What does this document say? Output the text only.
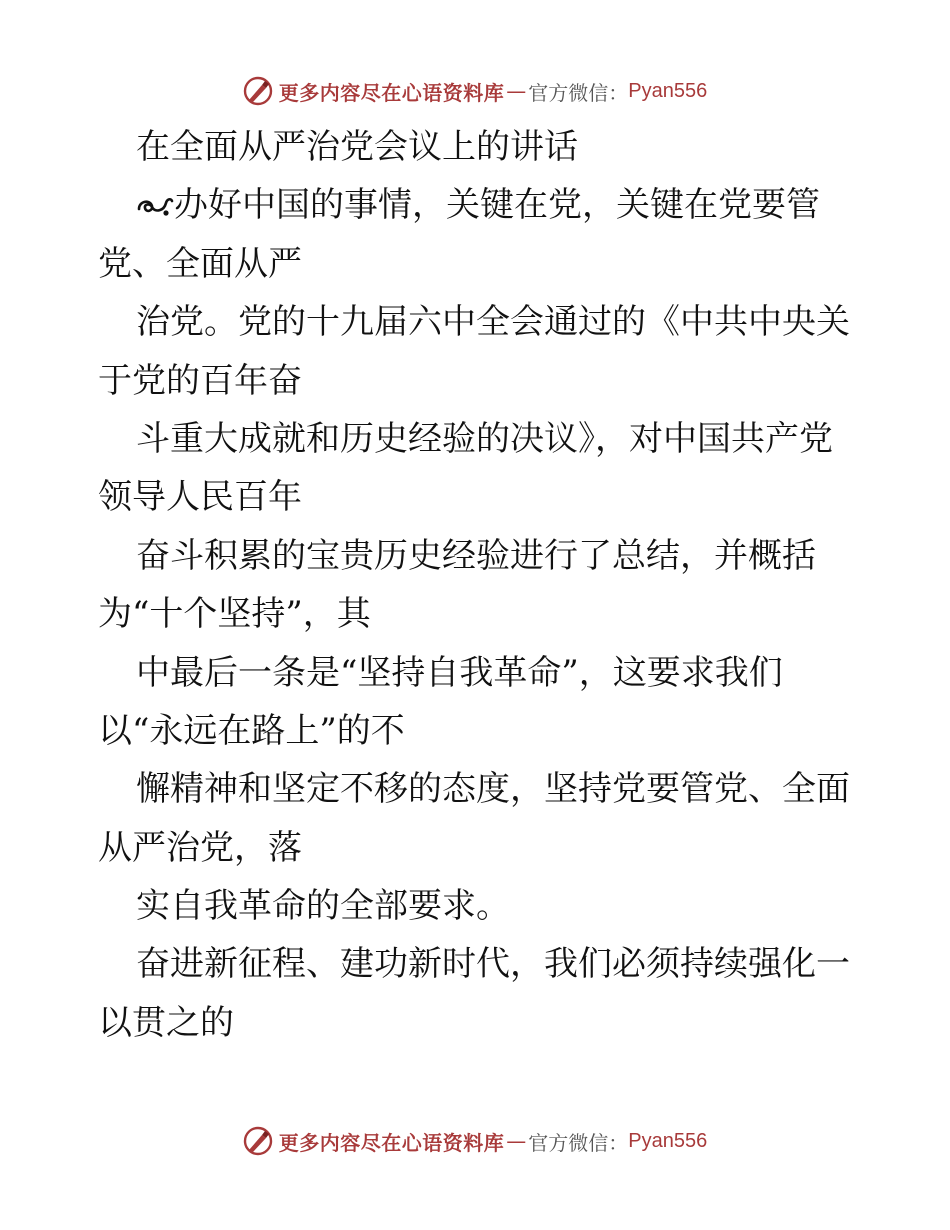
更多内容尽在心语资料库 — 官方微信： Pyan556
在全面从严治党会议上的讲话
办好中国的事情，关键在党，关键在党要管
党、全面从严
治党。党的十九届六中全会通过的《中共中央关
于党的百年奋
斗重大成就和历史经验的决议》，对中国共产党
领导人民百年
奋斗积累的宝贵历史经验进行了总结，并概括
为“十个坚持”，其
中最后一条是“坚持自我革命”，这要求我们
以“永远在路上”的不
懈精神和坚定不移的态度，坚持党要管党、全面
从严治党，落
实自我革命的全部要求。
奋进新征程、建功新时代，我们必须持续强化一
以贯之的
更多内容尽在心语资料库 — 官方微信： Pyan556
